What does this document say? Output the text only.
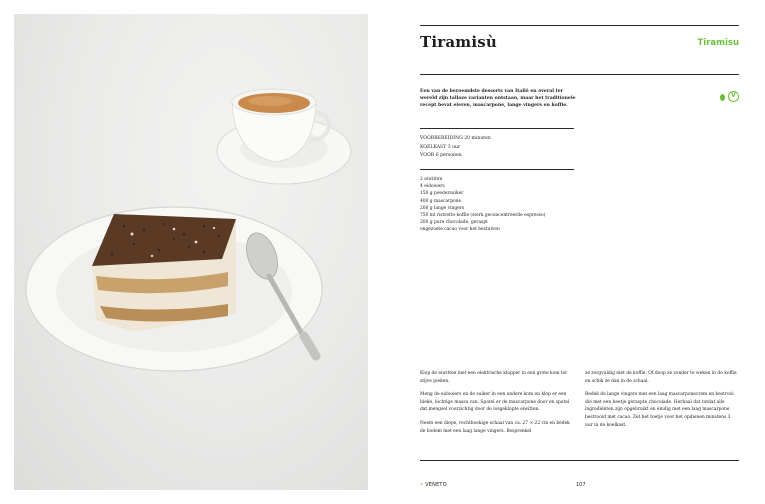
Tiramisù	Tiramisu
Een van de beroemdste desserts van Italië en overal ter wereld zijn talloze varianten ontstaan, maar het traditionele recept bevat eieren, mascarpone, lange vingers en koffie.
V
VOORBEREIDING 20 minuten
KOELKAST 3 uur
VOOR 6 personen
2 eiwitten
4 eidooiers
150 g poedersuiker
400 g mascarpone
200 g lange vingers
750 ml ristretto-koffie (sterk geconcentreerde espresso)
200 g pure chocolade, geraspt
ongezoete cacao voor het bestuiven

Klop de eiwitten met een elektrische klopper in een grote kom tot stijve pieken.

Meng de eidooiers en de suiker in een andere kom en klop er een bleke, luchtige massa van. Spatel er de mascarpone door en spatel dat mengsel voorzichtig door de losgeklopte eiwitten.

Neem een diepe, rechthoekige schaal van ca. 27 × 22 cm en bedek de bodem met een laag lange vingers. Besprenkel

ze zorgvuldig met de koffie. Of doop ze zonder te weken in de koffie en schik ze dan in de schaal.

Bedek de lange vingers met een laag mascarponecrem en bestrooi die met een beetje geraspte chocolade. Herhaal dat totdat alle ingrediënten zijn opgebruikt en eindig met een laag mascarpone bestrooid met cacao. Zet het toetje voor het opdienen minstens 3 uur in de koelkast.

• VENETO	107
